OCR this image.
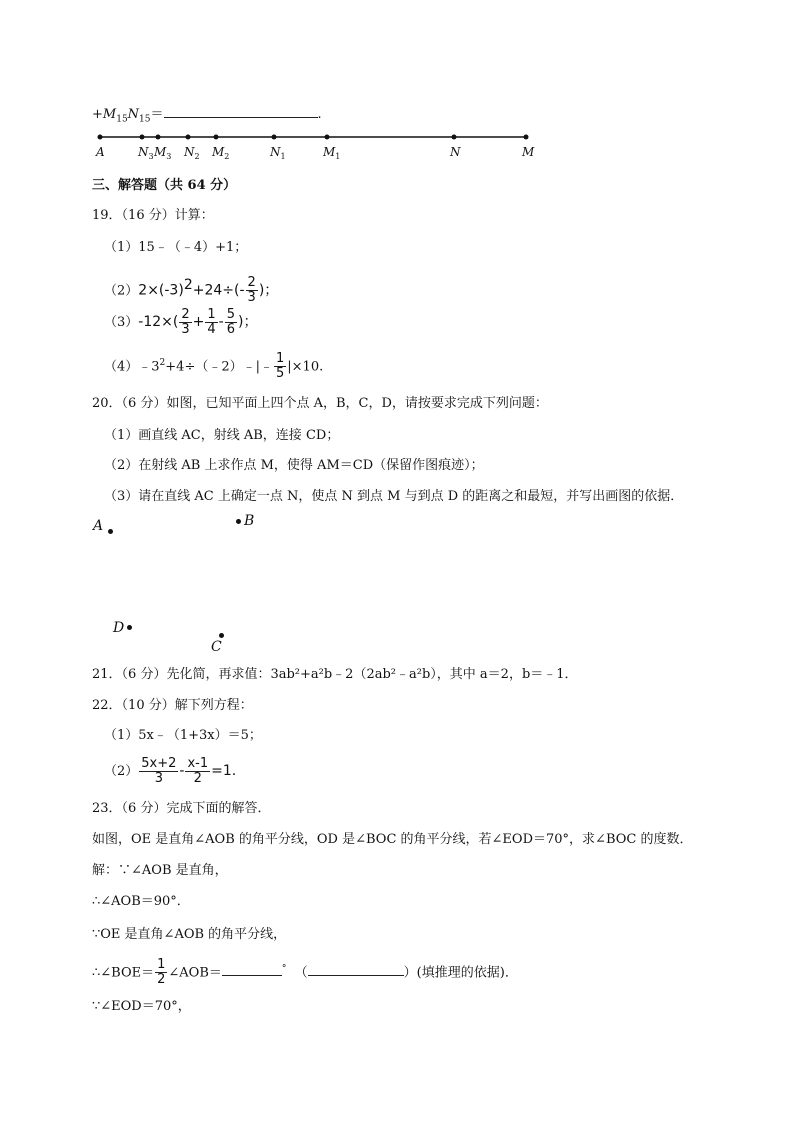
$+M_{15}N_{15}=$	.
A	$N_3$ $M_3$ $N_2$ $M_2$	$N_1$	$M_1$	N	M
三、解答题（共 64 分）
19．（16 分）计算：
（1）15﹣（﹣4）+1；
$(2)2\times(-3)^2+24\div(- \frac{2}{3}$ )；
$(3)-12\times( \frac{2}{3} + \frac{1}{4} - \frac{5}{6}$ )；
$(4)﹣3^2+4\div(﹣2)﹣|﹣ \frac{1}{5} |\times 10$.
20．（6 分）如图，已知平面上四个点 A，B，C，D，请按要求完成下列问题：
（1）画直线 AC，射线 AB，连接 CD；
（2）在射线 AB 上求作点 M，使得 AM＝CD（保留作图痕迹）；
（3）请在直线 AC 上确定一点 N，使点 N 到点 M 与到点 D 的距离之和最短，并写出画图的依据．
A	B
D
C
21．（6 分）先化简，再求值：3ab²+a²b﹣2（2ab²﹣a²b），其中 a＝2，b＝﹣1．
22．（10 分）解下列方程：
（1）5x﹣（1+3x）＝5；
$(2) \frac{5x+2}{3} - \frac{x-1}{2} =1$.
23．（6 分）完成下面的解答．
如图，OE 是直角∠AOB 的角平分线，OD 是∠BOC 的角平分线，若∠EOD＝70°，求∠BOC 的度数．
解：∵∠AOB 是直角，
∴∠AOB＝90°．
∵OE 是直角∠AOB 的角平分线，
∴∠BOE＝ $\frac{1}{2}$ ∠AOB＝	° （	）(填推理的依据)．
∵∠EOD＝70°，
